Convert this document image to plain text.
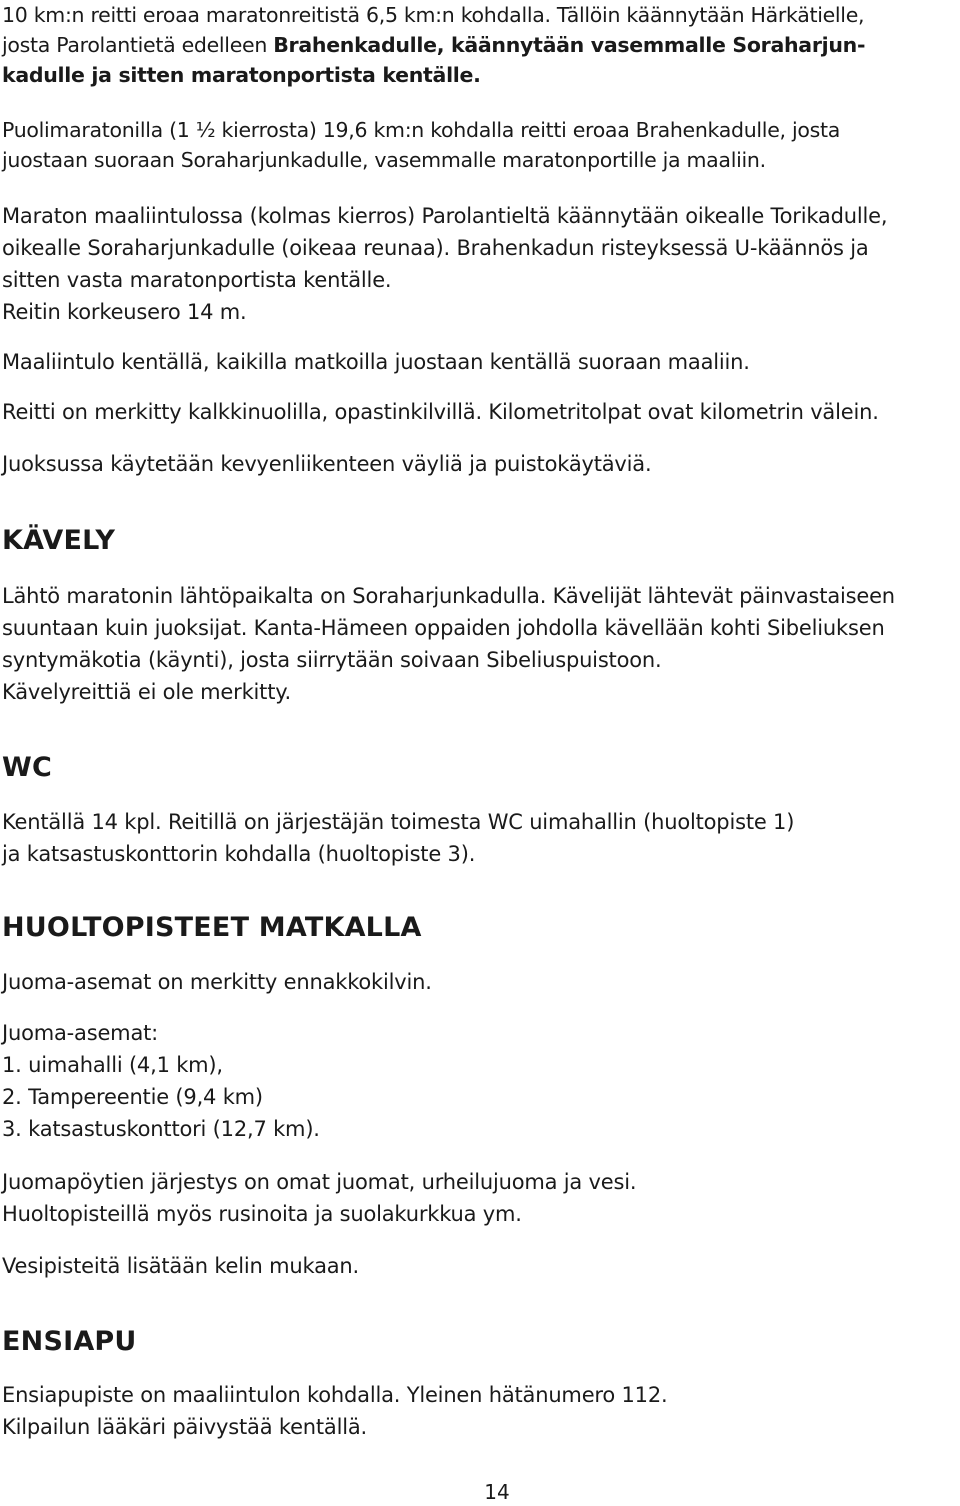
10 km:n reitti eroaa maratonreitistä 6,5 km:n kohdalla. Tällöin käännytään Härkätielle,

josta Parolantietä edelleen Brahenkadulle, käännytään vasemmalle Soraharjun-

kadulle ja sitten maratonportista kentälle.

Puolimaratonilla (1 ½ kierrosta) 19,6 km:n kohdalla reitti eroaa Brahenkadulle, josta

juostaan suoraan Soraharjunkadulle, vasemmalle maratonportille ja maaliin.

Maraton maaliintulossa (kolmas kierros) Parolantieltä käännytään oikealle Torikadulle,

oikealle Soraharjunkadulle (oikeaa reunaa). Brahenkadun risteyksessä U-käännös ja

sitten vasta maratonportista kentälle.

Reitin korkeusero 14 m.

Maaliintulo kentällä, kaikilla matkoilla juostaan kentällä suoraan maaliin.

Reitti on merkitty kalkkinuolilla, opastinkilvillä. Kilometritolpat ovat kilometrin välein.

Juoksussa käytetään kevyenliikenteen väyliä ja puistokäytäviä.

KÄVELY

Lähtö maratonin lähtöpaikalta on Soraharjunkadulla. Kävelijät lähtevät päinvastaiseen

suuntaan kuin juoksijat. Kanta-Hämeen oppaiden johdolla kävellään kohti Sibeliuksen

syntymäkotia (käynti), josta siirrytään soivaan Sibeliuspuistoon.

Kävelyreittiä ei ole merkitty.

WC

Kentällä 14 kpl. Reitillä on järjestäjän toimesta WC uimahallin (huoltopiste 1)

ja katsastuskonttorin kohdalla (huoltopiste 3).

HUOLTOPISTEET MATKALLA

Juoma-asemat on merkitty ennakkokilvin.

Juoma-asemat:

1. uimahalli (4,1 km),

2. Tampereentie (9,4 km)

3. katsastuskonttori (12,7 km).

Juomapöytien järjestys on omat juomat, urheilujuoma ja vesi.

Huoltopisteillä myös rusinoita ja suolakurkkua ym.

Vesipisteitä lisätään kelin mukaan.

ENSIAPU

Ensiapupiste on maaliintulon kohdalla. Yleinen hätänumero 112.

Kilpailun lääkäri päivystää kentällä.

14
